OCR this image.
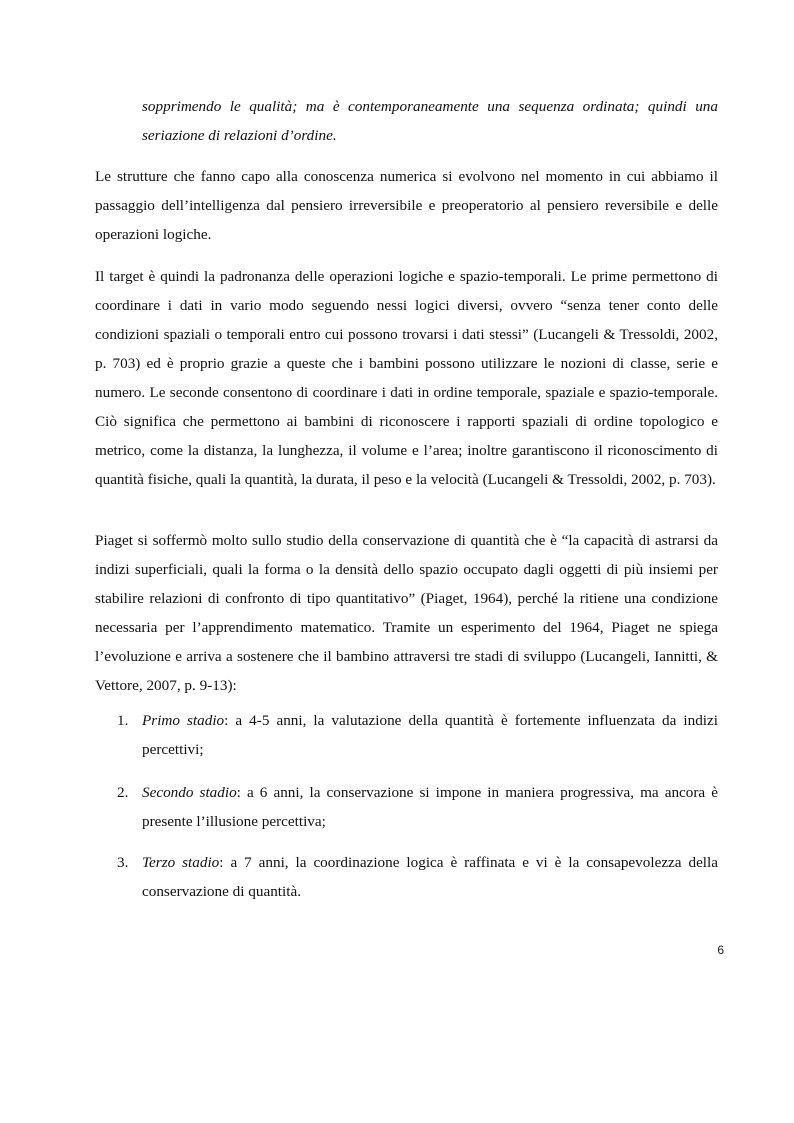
sopprimendo le qualità; ma è contemporaneamente una sequenza ordinata; quindi una seriazione di relazioni d’ordine.

Le strutture che fanno capo alla conoscenza numerica si evolvono nel momento in cui abbiamo il passaggio dell’intelligenza dal pensiero irreversibile e preoperatorio al pensiero reversibile e delle operazioni logiche.

Il target è quindi la padronanza delle operazioni logiche e spazio-temporali. Le prime permettono di coordinare i dati in vario modo seguendo nessi logici diversi, ovvero “senza tener conto delle condizioni spaziali o temporali entro cui possono trovarsi i dati stessi” (Lucangeli & Tressoldi, 2002, p. 703) ed è proprio grazie a queste che i bambini possono utilizzare le nozioni di classe, serie e numero. Le seconde consentono di coordinare i dati in ordine temporale, spaziale e spazio-temporale. Ciò significa che permettono ai bambini di riconoscere i rapporti spaziali di ordine topologico e metrico, come la distanza, la lunghezza, il volume e l’area; inoltre garantiscono il riconoscimento di quantità fisiche, quali la quantità, la durata, il peso e la velocità (Lucangeli & Tressoldi, 2002, p. 703).

Piaget si soffermò molto sullo studio della conservazione di quantità che è “la capacità di astrarsi da indizi superficiali, quali la forma o la densità dello spazio occupato dagli oggetti di più insiemi per stabilire relazioni di confronto di tipo quantitativo” (Piaget, 1964), perché la ritiene una condizione necessaria per l’apprendimento matematico. Tramite un esperimento del 1964, Piaget ne spiega l’evoluzione e arriva a sostenere che il bambino attraversi tre stadi di sviluppo (Lucangeli, Iannitti, & Vettore, 2007, p. 9-13):

1. Primo stadio: a 4-5 anni, la valutazione della quantità è fortemente influenzata da indizi percettivi;
2. Secondo stadio: a 6 anni, la conservazione si impone in maniera progressiva, ma ancora è presente l’illusione percettiva;
3. Terzo stadio: a 7 anni, la coordinazione logica è raffinata e vi è la consapevolezza della conservazione di quantità.
6
